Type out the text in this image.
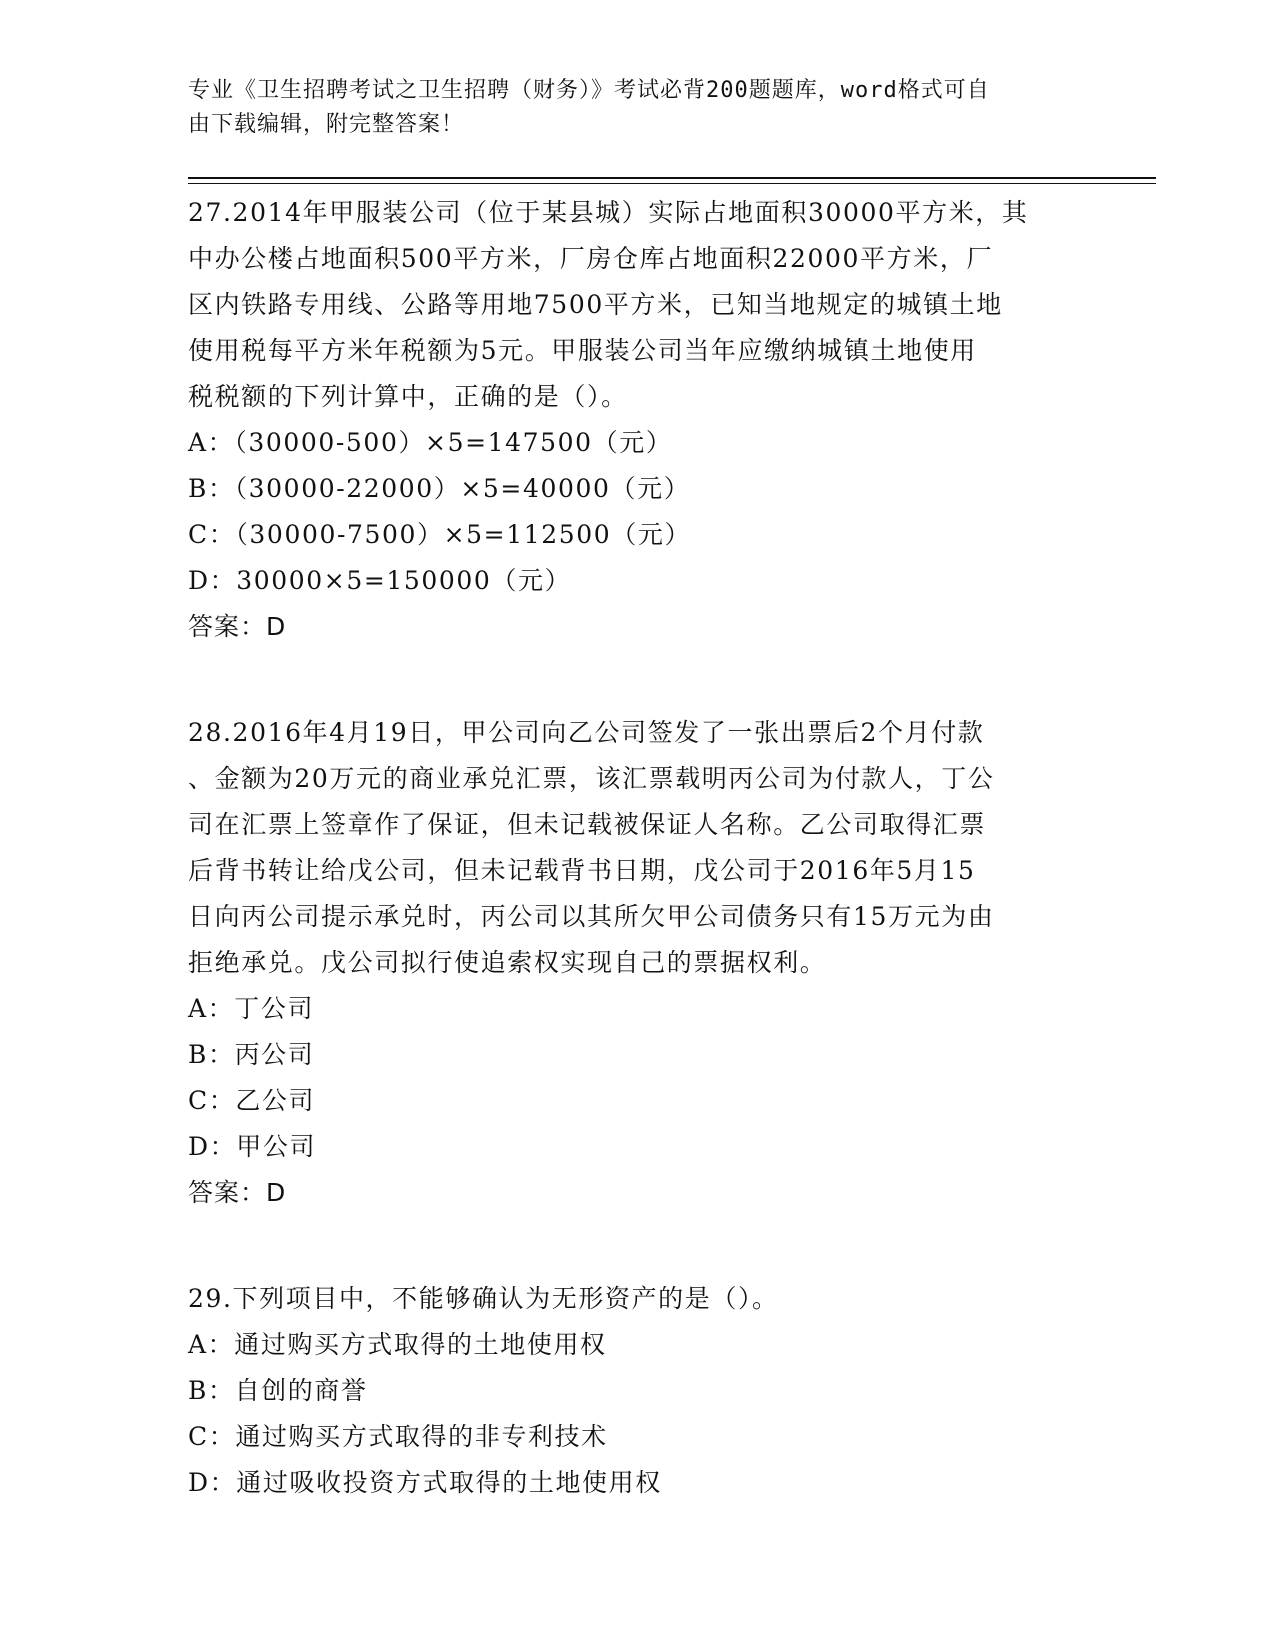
专业《卫生招聘考试之卫生招聘（财务）》考试必背200题题库，word格式可自
由下载编辑，附完整答案！

27.2014年甲服装公司（位于某县城）实际占地面积30000平方米，其

中办公楼占地面积500平方米，厂房仓库占地面积22000平方米，厂

区内铁路专用线、公路等用地7500平方米，已知当地规定的城镇土地

使用税每平方米年税额为5元。甲服装公司当年应缴纳城镇土地使用

税税额的下列计算中，正确的是（）。

A：（30000-500）×5=147500（元）

B：（30000-22000）×5=40000（元）

C：（30000-7500）×5=112500（元）

D：30000×5=150000（元）

答案：D

28.2016年4月19日，甲公司向乙公司签发了一张出票后2个月付款

、金额为20万元的商业承兑汇票，该汇票载明丙公司为付款人，丁公

司在汇票上签章作了保证，但未记载被保证人名称。乙公司取得汇票

后背书转让给戊公司，但未记载背书日期，戊公司于2016年5月15

日向丙公司提示承兑时，丙公司以其所欠甲公司债务只有15万元为由

拒绝承兑。戊公司拟行使追索权实现自己的票据权利。

A：丁公司

B：丙公司

C：乙公司

D：甲公司

答案：D

29.下列项目中，不能够确认为无形资产的是（）。

A：通过购买方式取得的土地使用权

B：自创的商誉

C：通过购买方式取得的非专利技术

D：通过吸收投资方式取得的土地使用权
